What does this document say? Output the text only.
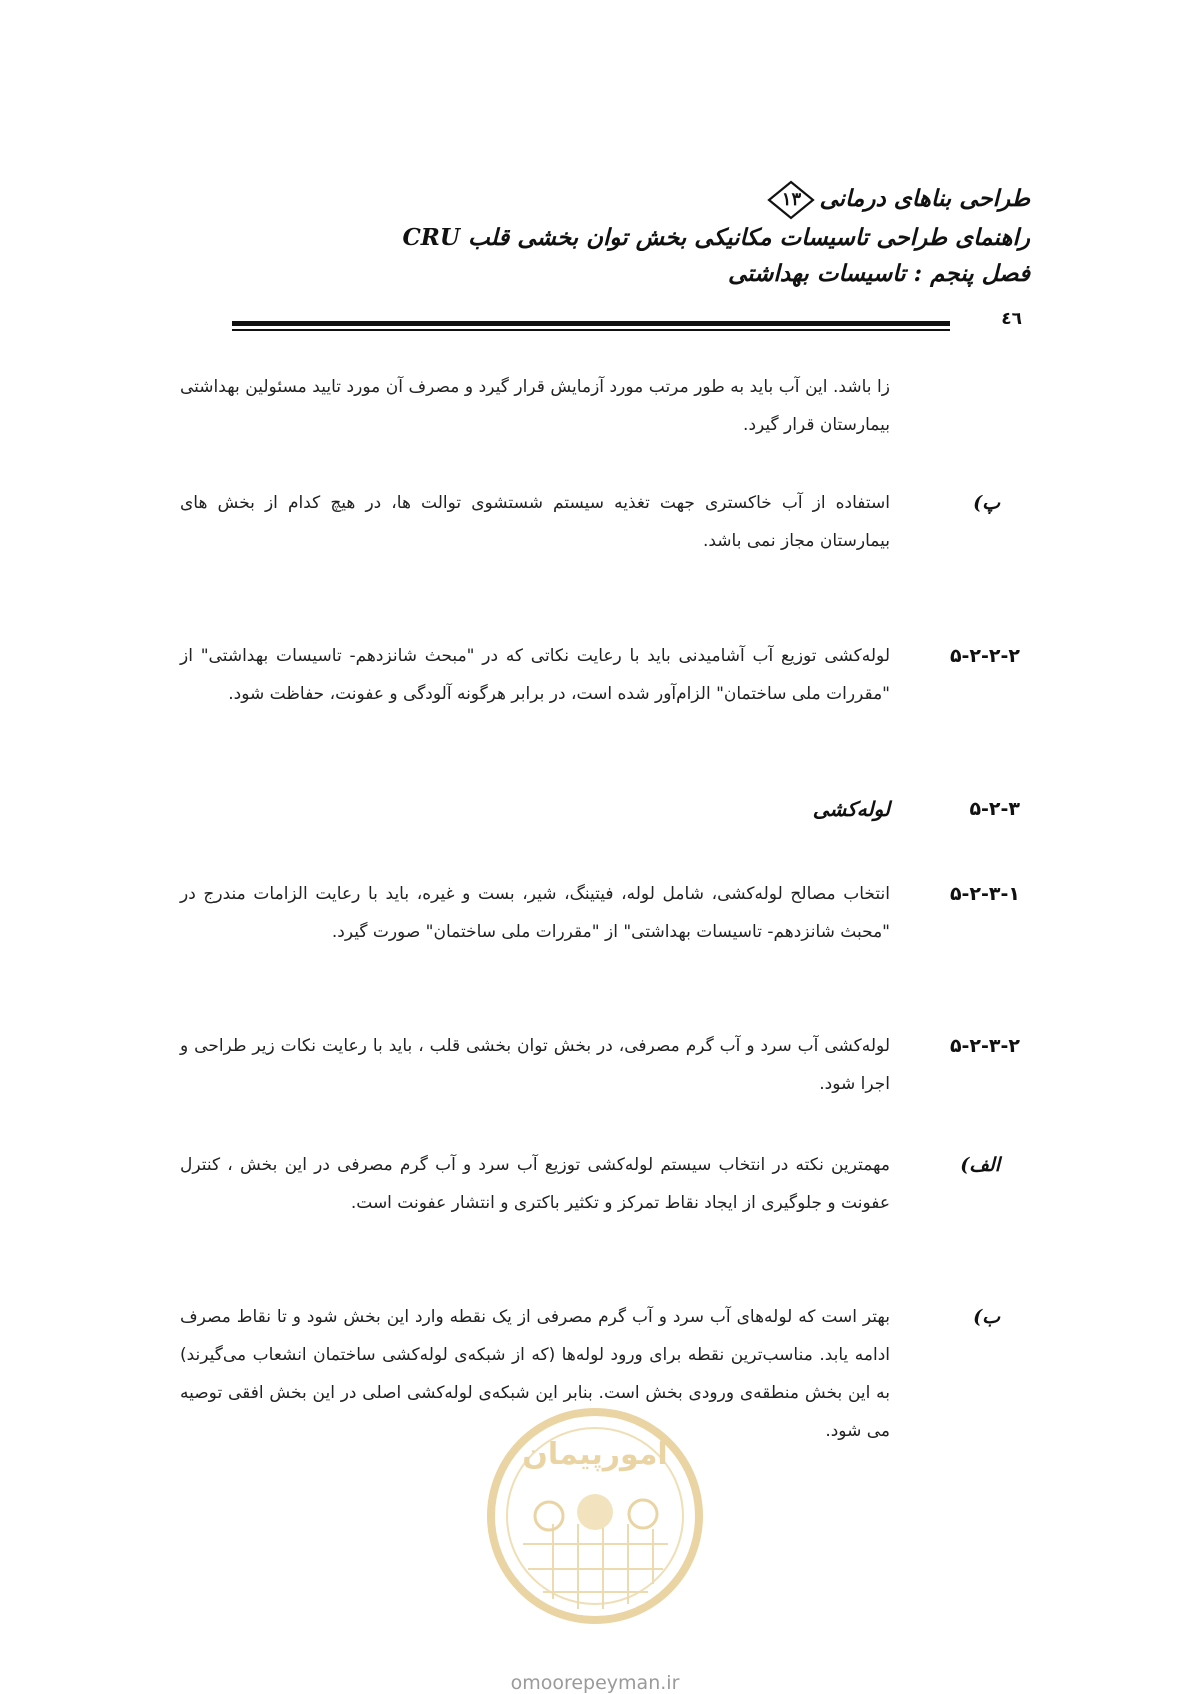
طراحی بناهای درمانی
۱۳
راهنمای طراحی تاسیسات مکانیکی بخش توان بخشی قلب CRU
فصل پنجم : تاسیسات بهداشتی
٤٦
زا باشد. این آب باید به طور مرتب مورد آزمایش قرار گیرد و مصرف آن مورد تایید مسئولین بهداشتی بیمارستان قرار گیرد.
پ)
استفاده از آب خاکستری جهت تغذیه سیستم شستشوی توالت ها، در هیچ کدام از بخش های بیمارستان مجاز نمی باشد.
۵-۲-۲-۲
لوله‌کشی توزیع آب آشامیدنی باید با رعایت نکاتی که در "مبحث شانزدهم- تاسیسات بهداشتی" از "مقررات ملی ساختمان" الزام‌آور شده است، در برابر هرگونه آلودگی و عفونت، حفاظت شود.
۵-۲-۳
لوله‌کشی
۵-۲-۳-۱
انتخاب مصالح لوله‌کشی، شامل لوله، فیتینگ، شیر، بست و غیره، باید با رعایت الزامات مندرج در "محبث شانزدهم- تاسیسات بهداشتی" از "مقررات ملی ساختمان" صورت گیرد.
۵-۲-۳-۲
لوله‌کشی آب سرد و آب گرم مصرفی، در بخش توان بخشی قلب ، باید با رعایت نکات زیر طراحی و اجرا شود.
الف)
مهمترین نکته در انتخاب سیستم لوله‌کشی توزیع آب سرد و آب گرم مصرفی در این بخش ، کنترل عفونت و جلوگیری از ایجاد نقاط تمرکز و تکثیر باکتری و انتشار عفونت است.
ب)
بهتر است که لوله‌های آب سرد و آب گرم مصرفی از یک نقطه وارد این بخش شود و تا نقاط مصرف ادامه یابد. مناسب‌ترین نقطه برای ورود لوله‌ها (که از شبکه‌ی لوله‌کشی ساختمان انشعاب می‌گیرند) به این بخش منطقه‌ی ورودی بخش است. بنابر این شبکه‌ی لوله‌کشی اصلی در این بخش افقی توصیه می شود.
امورپیمان
omoorepeyman.ir
